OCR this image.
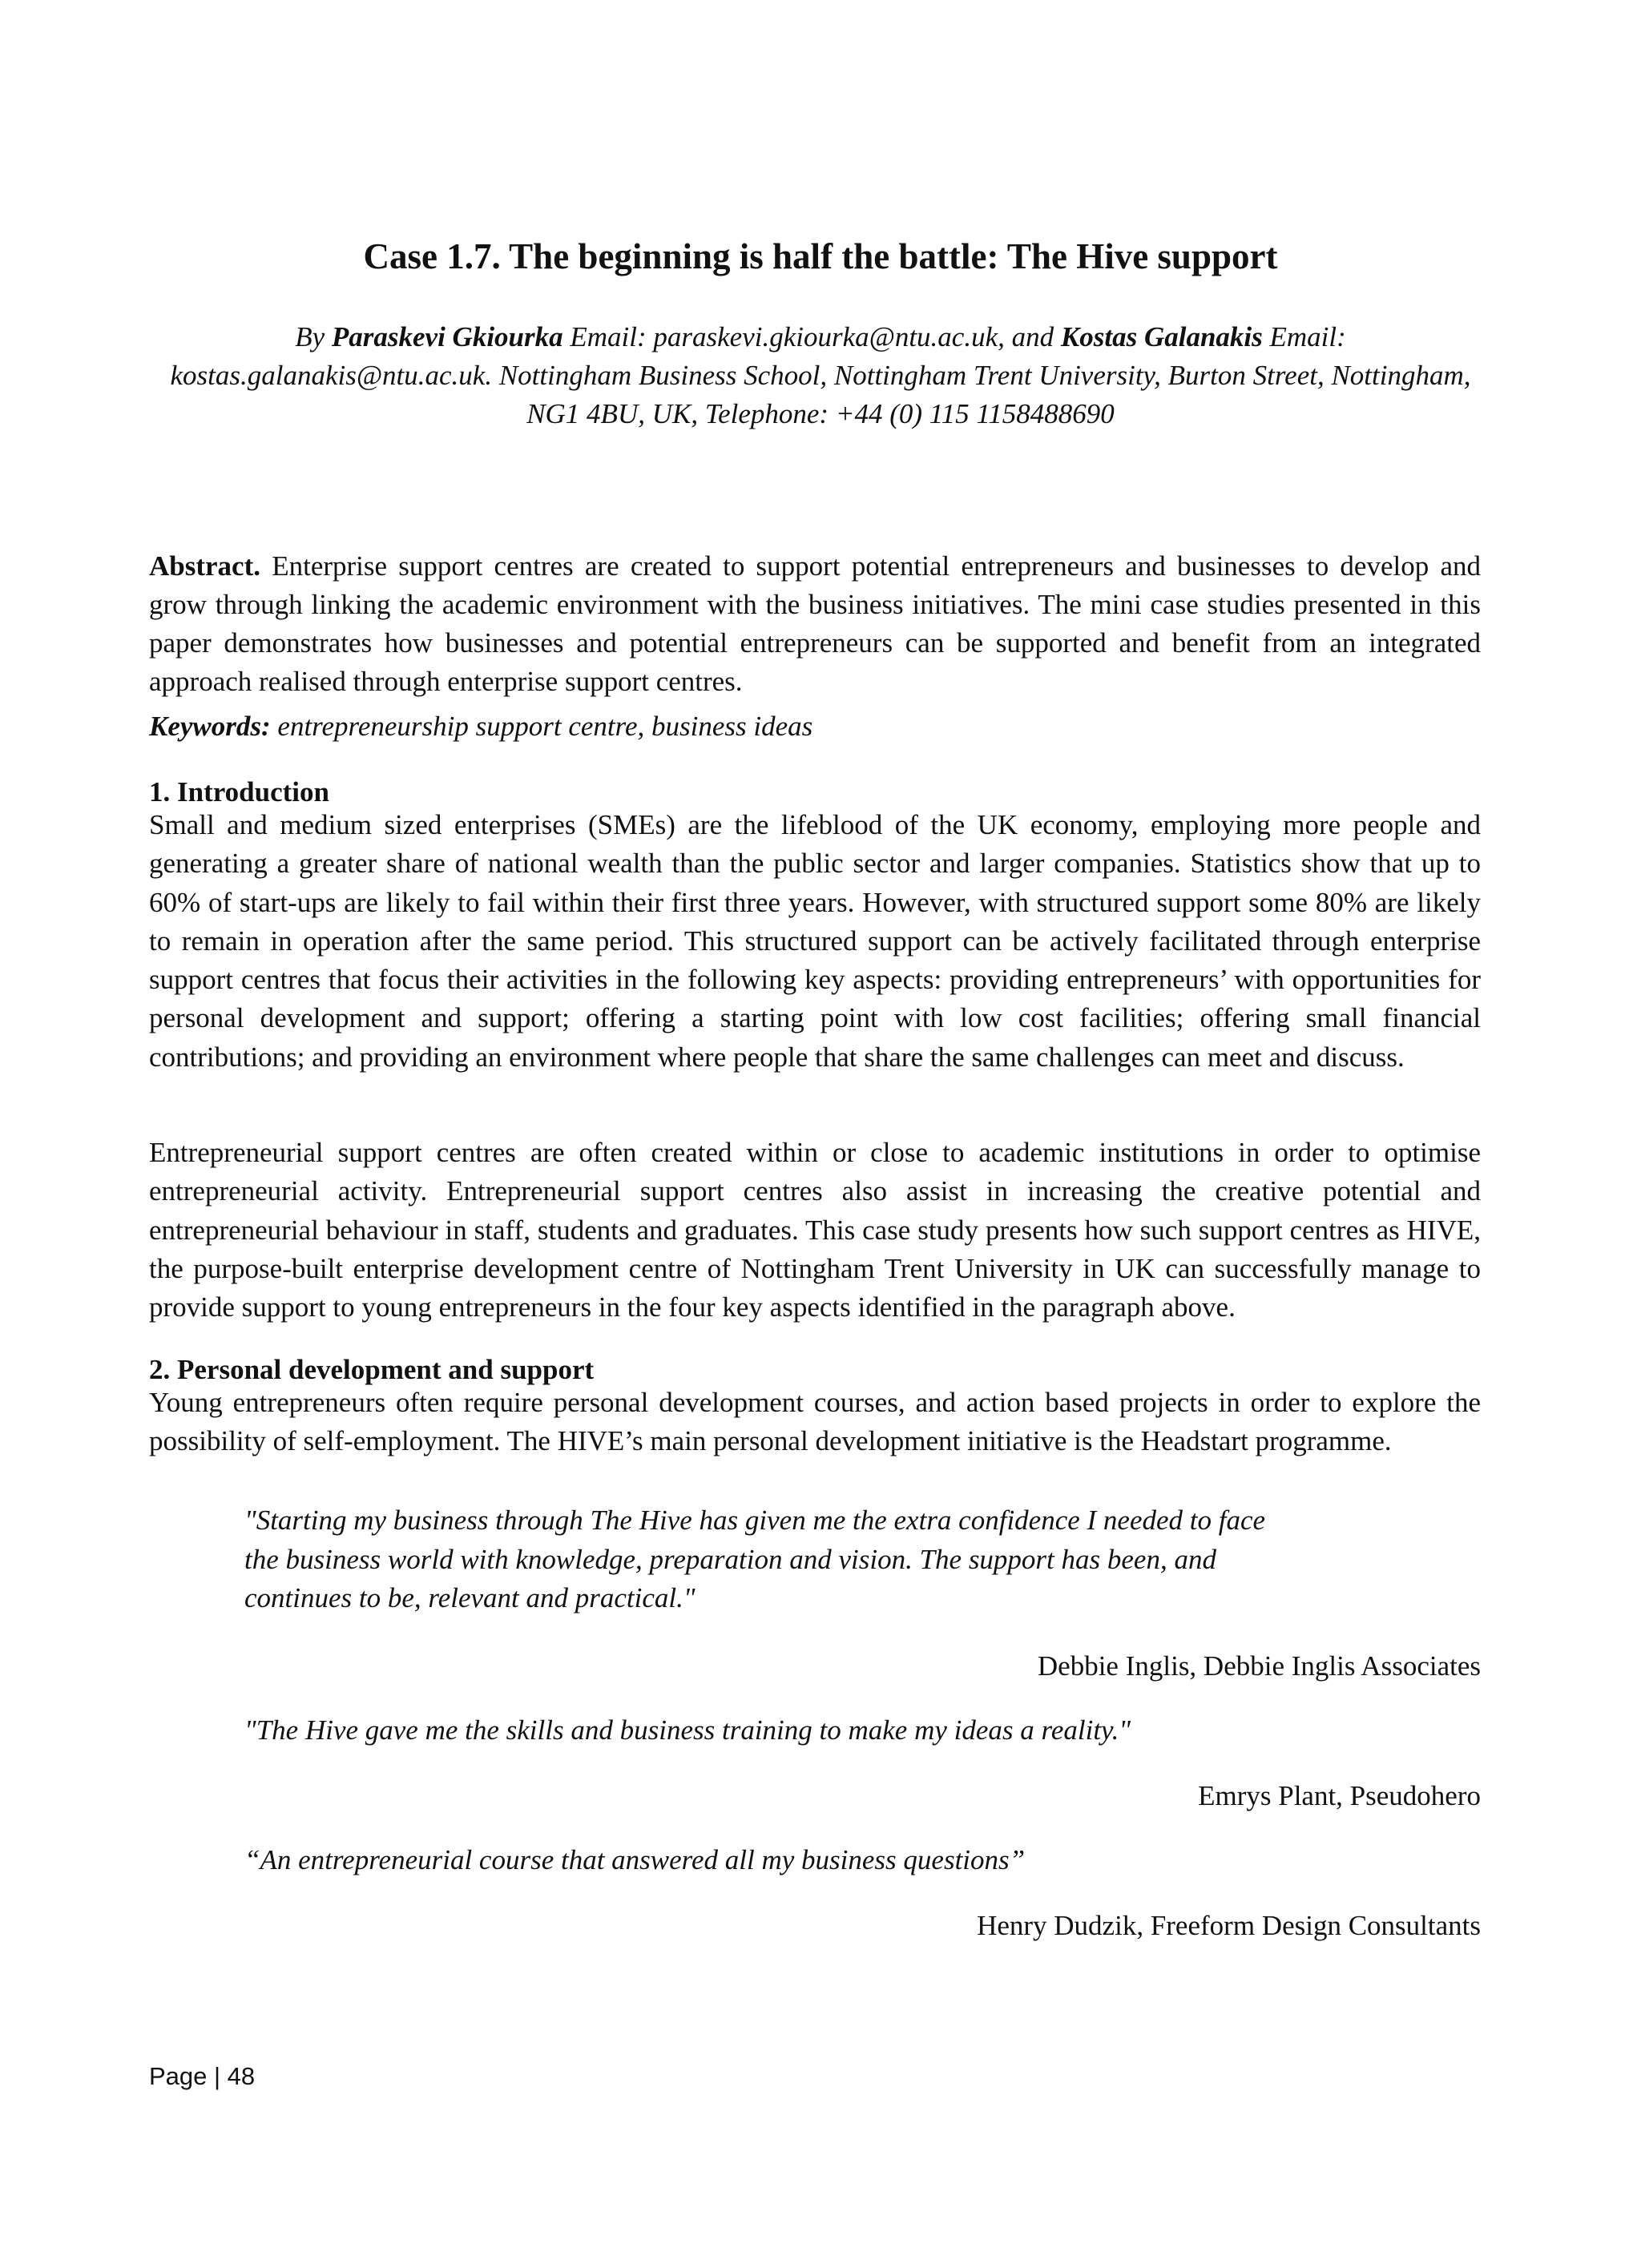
Case 1.7. The beginning is half the battle: The Hive support

By Paraskevi Gkiourka Email: paraskevi.gkiourka@ntu.ac.uk, and Kostas Galanakis Email:
kostas.galanakis@ntu.ac.uk. Nottingham Business School, Nottingham Trent University, Burton Street, Nottingham, NG1 4BU, UK, Telephone: +44 (0) 115 1158488690

Abstract. Enterprise support centres are created to support potential entrepreneurs and businesses to develop and grow through linking the academic environment with the business initiatives. The mini case studies presented in this paper demonstrates how businesses and potential entrepreneurs can be supported and benefit from an integrated approach realised through enterprise support centres.

Keywords: entrepreneurship support centre, business ideas

1. Introduction

Small and medium sized enterprises (SMEs) are the lifeblood of the UK economy, employing more people and generating a greater share of national wealth than the public sector and larger companies. Statistics show that up to 60% of start-ups are likely to fail within their first three years. However, with structured support some 80% are likely to remain in operation after the same period. This structured support can be actively facilitated through enterprise support centres that focus their activities in the following key aspects: providing entrepreneurs’ with opportunities for personal development and support; offering a starting point with low cost facilities; offering small financial contributions; and providing an environment where people that share the same challenges can meet and discuss.

Entrepreneurial support centres are often created within or close to academic institutions in order to optimise entrepreneurial activity. Entrepreneurial support centres also assist in increasing the creative potential and entrepreneurial behaviour in staff, students and graduates. This case study presents how such support centres as HIVE, the purpose-built enterprise development centre of Nottingham Trent University in UK can successfully manage to provide support to young entrepreneurs in the four key aspects identified in the paragraph above.

2. Personal development and support

Young entrepreneurs often require personal development courses, and action based projects in order to explore the possibility of self-employment. The HIVE’s main personal development initiative is the Headstart programme.

"Starting my business through The Hive has given me the extra confidence I needed to face the business world with knowledge, preparation and vision. The support has been, and continues to be, relevant and practical."

Debbie Inglis, Debbie Inglis Associates

"The Hive gave me the skills and business training to make my ideas a reality."

Emrys Plant, Pseudohero

“An entrepreneurial course that answered all my business questions”

Henry Dudzik, Freeform Design Consultants

Page | 48
